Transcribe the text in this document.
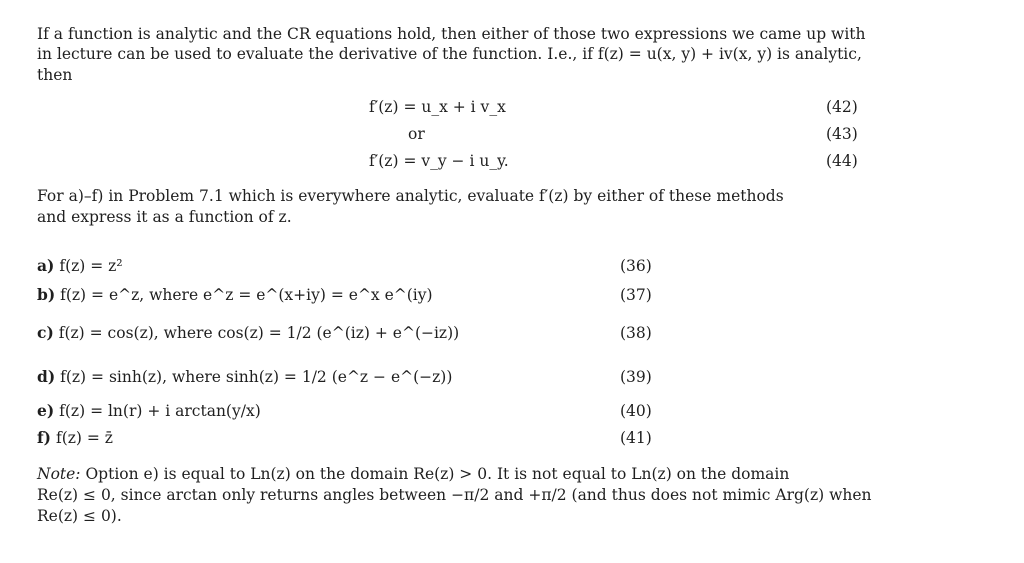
If a function is analytic and the CR equations hold, then either of those two expressions we came up with
in lecture can be used to evaluate the derivative of the function. I.e., if f(z) = u(x, y) + iv(x, y) is analytic,
then
f′(z) = u_x + i v_x	(42)
or	(43)
f′(z) = v_y − i u_y.	(44)
For a)–f) in Problem 7.1 which is everywhere analytic, evaluate f′(z) by either of these methods
and express it as a function of z.
a) f(z) = z²	(36)
b) f(z) = e^z, where e^z = e^(x+iy) = e^x e^(iy)	(37)
c) f(z) = cos(z), where cos(z) = 1/2 (e^(iz) + e^(−iz))	(38)
d) f(z) = sinh(z), where sinh(z) = 1/2 (e^z − e^(−z))	(39)
e) f(z) = ln(r) + i arctan(y/x)	(40)
f) f(z) = z̄	(41)
Note: Option e) is equal to Ln(z) on the domain Re(z) > 0. It is not equal to Ln(z) on the domain
Re(z) ≤ 0, since arctan only returns angles between −π/2 and +π/2 (and thus does not mimic Arg(z) when
Re(z) ≤ 0).
